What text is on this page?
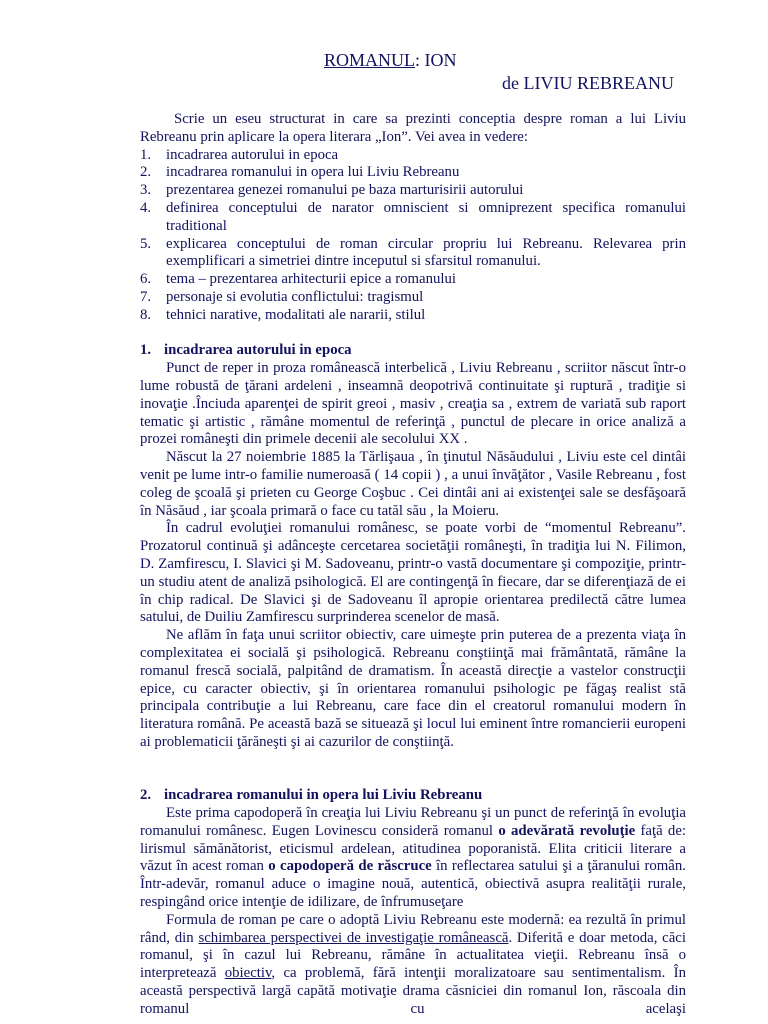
ROMANUL: ION
de LIVIU REBREANU

Scrie un eseu structurat in care sa prezinti conceptia despre roman a lui Liviu Rebreanu prin aplicare la opera literara „Ion”. Vei avea in vedere:

1.	incadrarea autorului in epoca
2.	incadrarea romanului in opera lui Liviu Rebreanu
3.	prezentarea genezei romanului pe baza marturisirii autorului
4.	definirea conceptului de narator omniscient si omniprezent specifica romanului traditional
5.	explicarea conceptului de roman circular propriu lui Rebreanu. Relevarea prin exemplificari a simetriei dintre inceputul si sfarsitul romanului.
6.	tema – prezentarea arhitecturii epice a romanului
7.	personaje si evolutia conflictului: tragismul
8.	tehnici narative, modalitati ale nararii, stilul
1. incadrarea autorului in epoca

Punct de reper in proza românească interbelică , Liviu Rebreanu , scriitor născut într-o lume robustă de ţărani ardeleni , inseamnă deopotrivă continuitate şi ruptură , tradiţie si inovaţie .Înciuda aparenţei de spirit greoi , masiv , creaţia sa , extrem de variată sub raport tematic şi artistic , rămâne momentul de referinţă , punctul de plecare in orice analiză a prozei româneşti din primele decenii ale secolului XX .

Născut la 27 noiembrie 1885 la Tărlişaua , în ţinutul Năsăudului , Liviu este cel dintâi venit pe lume intr-o familie numeroasă ( 14 copii ) , a unui învăţător , Vasile Rebreanu , fost coleg de şcoală şi prieten cu George Coşbuc . Cei dintâi ani ai existenţei sale se desfăşoară în Năsăud , iar şcoala primară o face cu tatăl său , la Moieru.

În cadrul evoluţiei romanului românesc, se poate vorbi de “momentul Rebreanu”. Prozatorul continuă şi adânceşte cercetarea societăţii româneşti, în tradiţia lui N. Filimon, D. Zamfirescu, I. Slavici şi M. Sadoveanu, printr-o vastă documentare şi compoziţie, printr-un studiu atent de analiză psihologică. El are contingenţă în fiecare, dar se diferenţiază de ei în chip radical. De Slavici şi de Sadoveanu îl apropie orientarea predilectă către lumea satului, de Duiliu Zamfirescu surprinderea scenelor de masă.

Ne aflăm în faţa unui scriitor obiectiv, care uimeşte prin puterea de a prezenta viaţa în complexitatea ei socială şi psihologică. Rebreanu conştiinţă mai frământată, rămâne la romanul frescă socială, palpitând de dramatism. În această direcţie a vastelor construcţii epice, cu caracter obiectiv, şi în orientarea romanului psihologic pe făgaş realist stă principala contribuţie a lui Rebreanu, care face din el creatorul romanului modern în literatura română. Pe această bază se situează şi locul lui eminent între romancierii europeni ai problematicii ţărăneşti şi ai cazurilor de conştiinţă.

2. incadrarea romanului in opera lui Liviu Rebreanu

Este prima capodoperă în creaţia lui Liviu Rebreanu şi un punct de referinţă în evoluţia romanului românesc. Eugen Lovinescu consideră romanul o adevărată revoluţie faţă de: lirismul sămănătorist, eticismul ardelean, atitudinea poporanistă. Elita criticii literare a văzut în acest roman o capodoperă de răscruce în reflectarea satului şi a ţăranului român. Într-adevăr, romanul aduce o imagine nouă, autentică, obiectivă asupra realităţii rurale, respingând orice intenţie de idilizare, de înfrumuseţare

Formula de roman pe care o adoptă Liviu Rebreanu este modernă: ea rezultă în primul rând, din schimbarea perspectivei de investigaţie românească. Diferită e doar metoda, căci romanul, şi în cazul lui Rebreanu, rămâne în actualitatea vieţii. Rebreanu însă o interpretează obiectiv, ca problemă, fără intenţii moralizatoare sau sentimentalism. În această perspectivă largă capătă motivaţie drama căsniciei din romanul Ion, răscoala din romanul cu acelaşi
